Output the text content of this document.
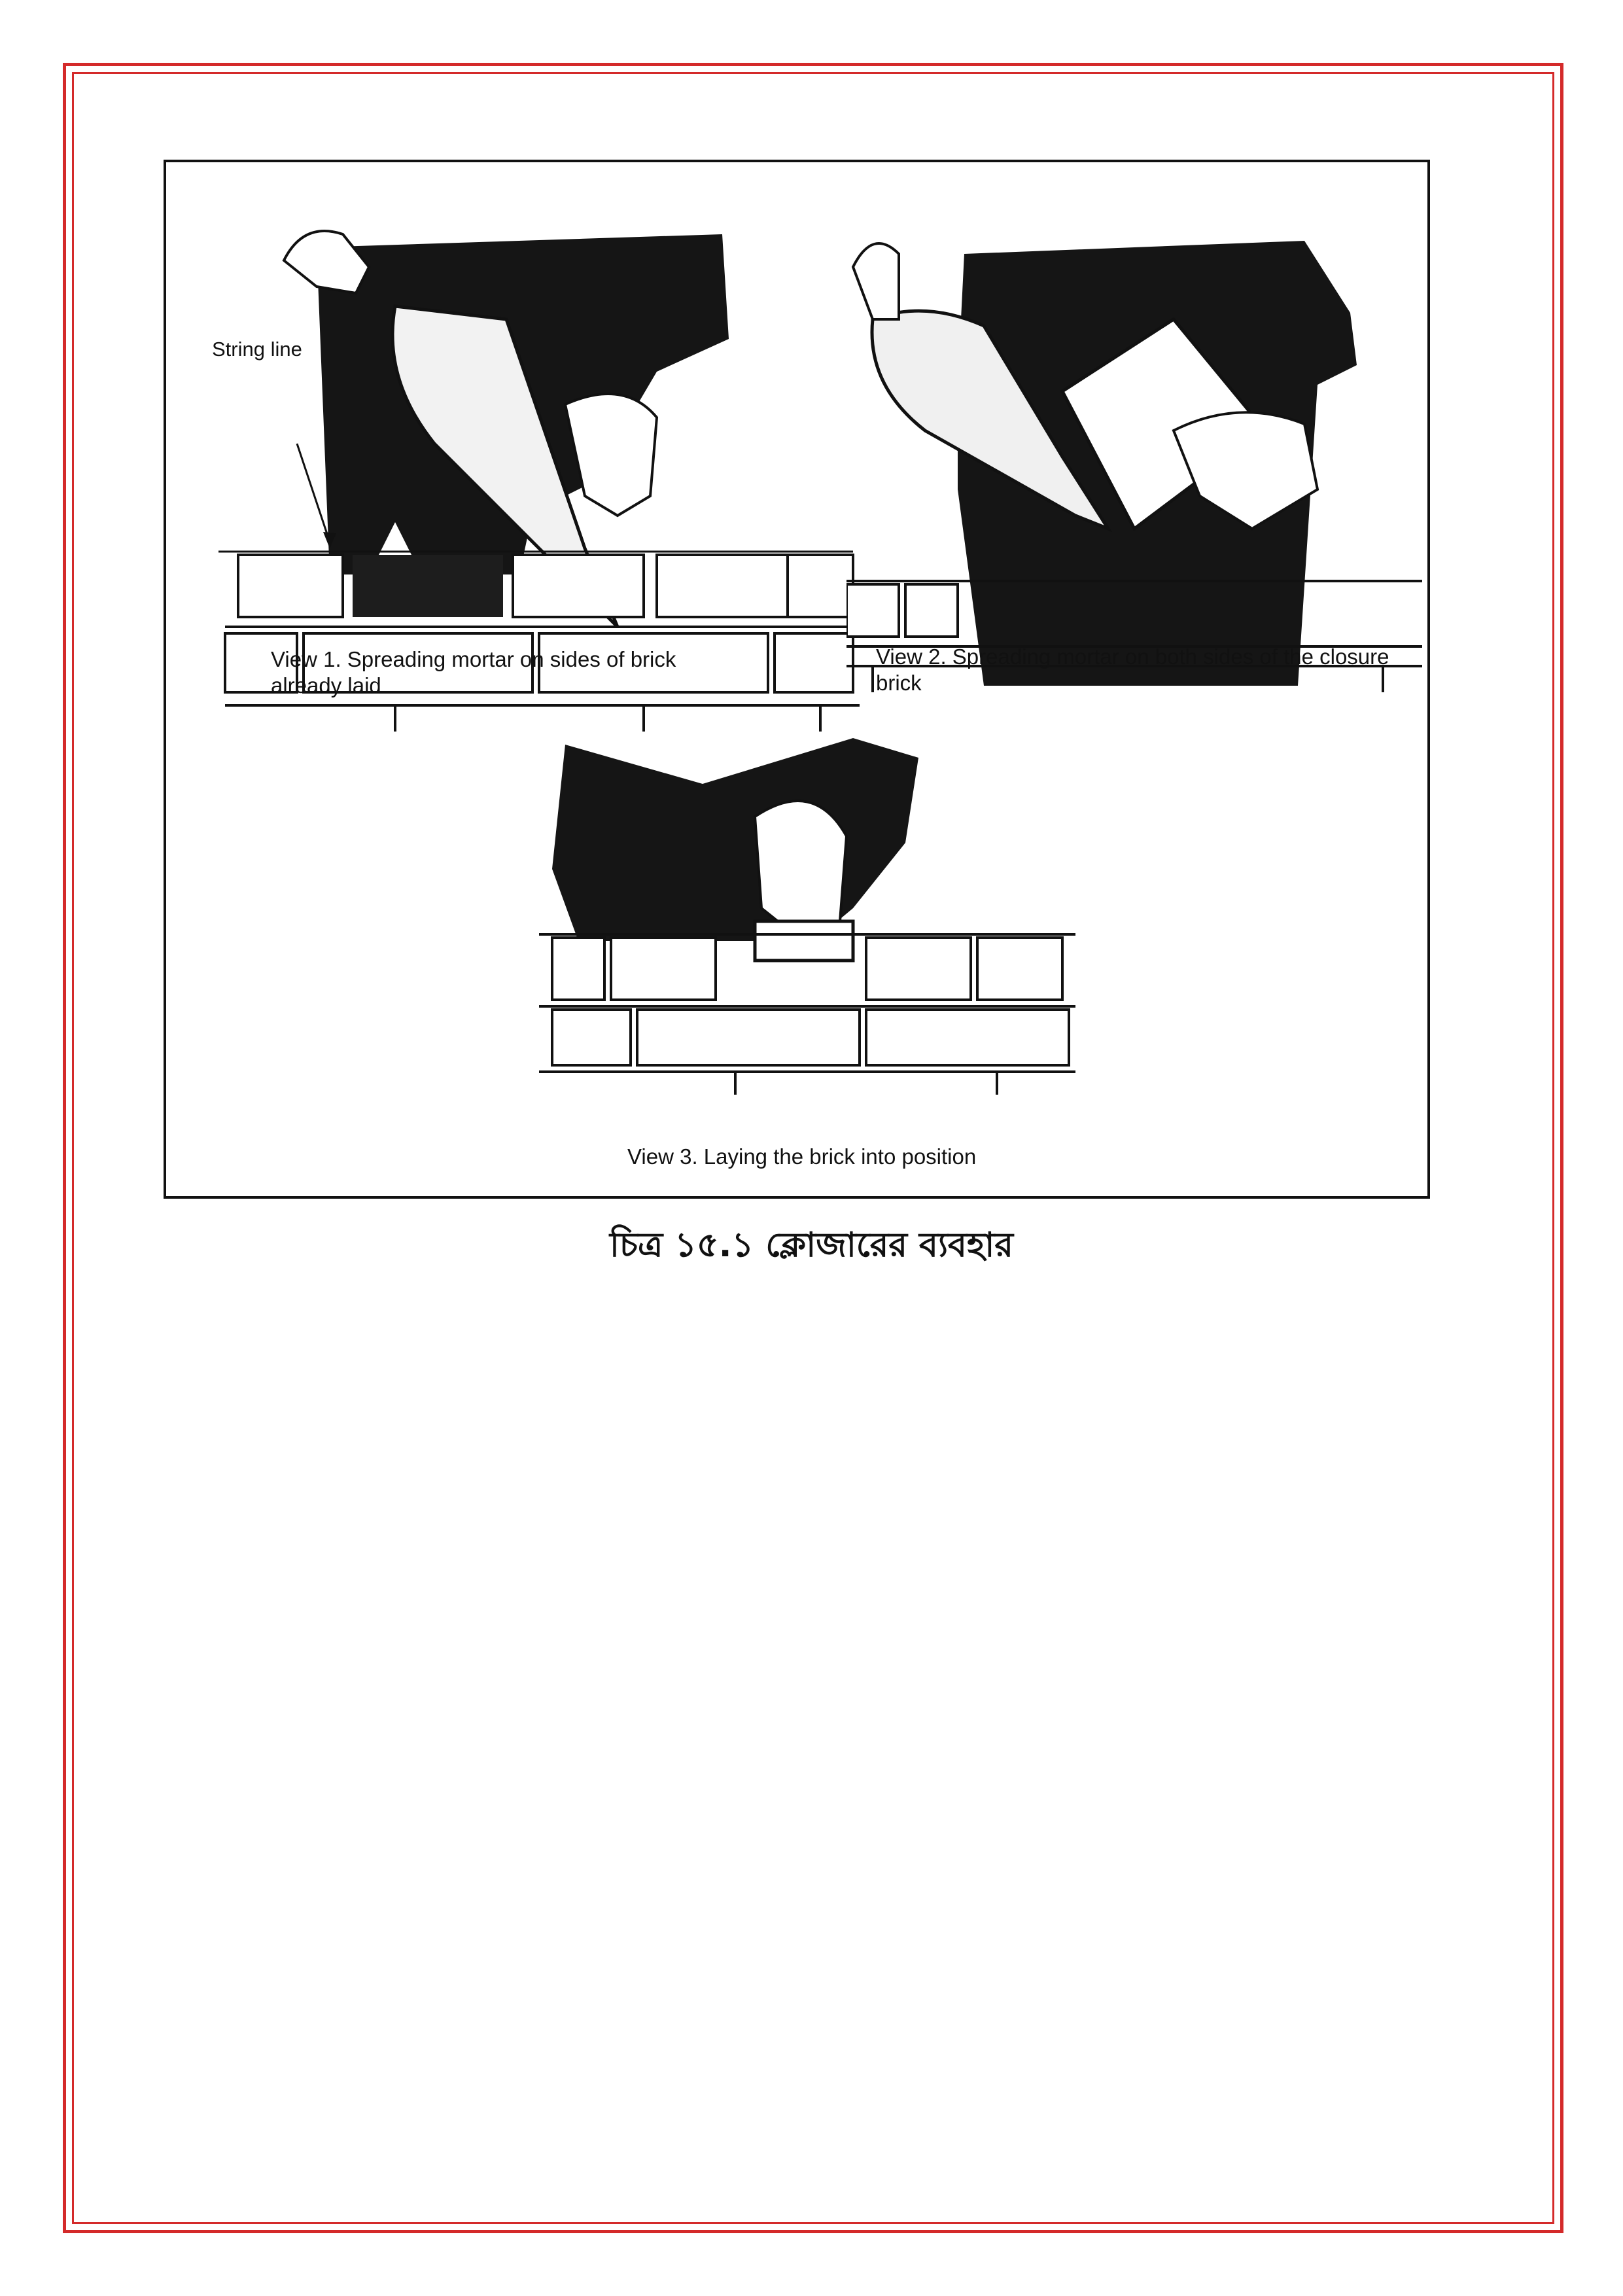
String line
View 1. Spreading mortar on sides of brick already laid
View 2. Spreading mortar on both sides of the closure brick
View 3. Laying the brick into position
চিত্র ১৫.১ ক্লোজারের ব্যবহার
